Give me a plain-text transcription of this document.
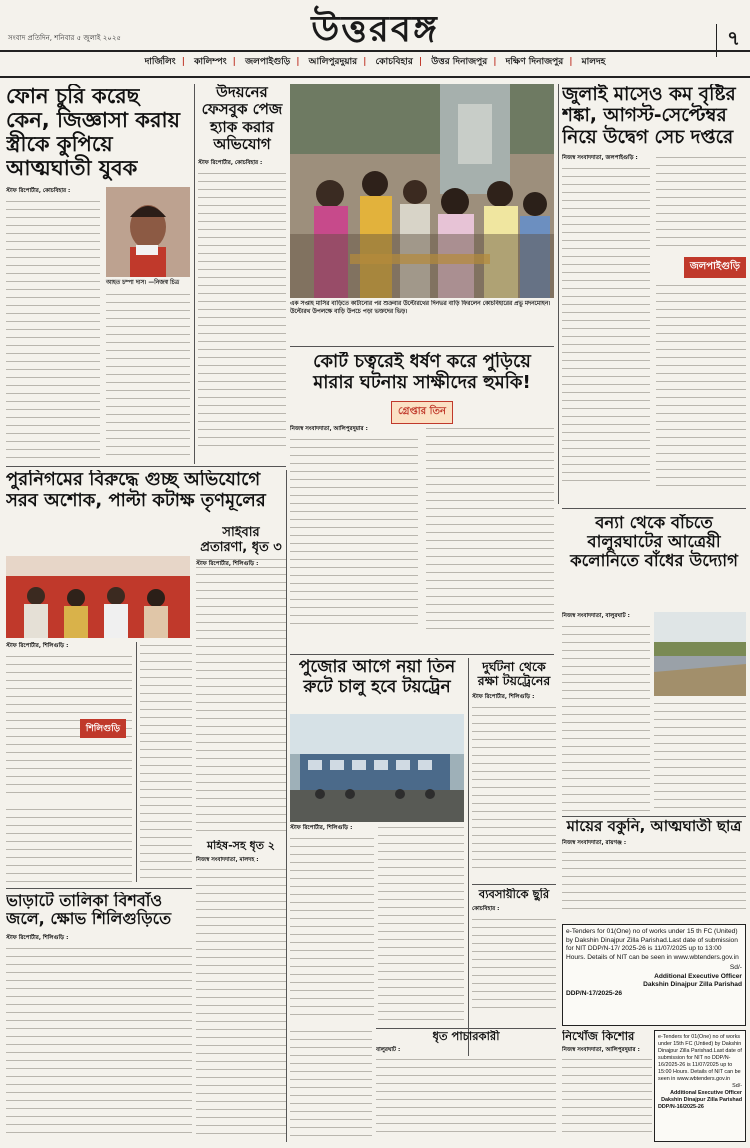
সংবাদ প্রতিদিন, শনিবার ৫ জুলাই ২০২৫	উত্তরবঙ্গ	৭
দার্জিলিং | কালিম্পং | জলপাইগুড়ি | আলিপুরদুয়ার | কোচবিহার | উত্তর দিনাজপুর | দক্ষিণ দিনাজপুর | মালদহ
ফোন চুরি করেছ কেন, জিজ্ঞাসা করায় স্ত্রীকে কুপিয়ে আত্মঘাতী যুবক
স্টাফ রিপোর্টার, কোচবিহার :
আহত চম্পা দাস। —নিজস্ব চিত্র
উদয়নের ফেসবুক পেজ হ্যাক করার অভিযোগ
স্টাফ রিপোর্টার, কোচবিহার :
এক সপ্তাহ মাসির বাড়িতে কাটানোর পর শুক্রবার উল্টোরথের দিনভর বাড়ি ফিরলেন কোচবিহারের প্রভু মদনমোহন। উল্টোরথ উপলক্ষে বাড়ি উপচে পড়া ভক্তদের ভিড়।
জুলাই মাসেও কম বৃষ্টির শঙ্কা, আগস্ট-সেপ্টেম্বর নিয়ে উদ্বেগ সেচ দপ্তরে
নিজস্ব সংবাদদাতা, জলপাইগুড়ি :
জলপাইগুড়ি
কোর্ট চত্বরেই ধর্ষণ করে পুড়িয়ে মারার ঘটনায় সাক্ষীদের হুমকি!
নিজস্ব সংবাদদাতা, আলিপুরদুয়ার :
গ্রেপ্তার তিন
পুরনিগমের বিরুদ্ধে গুচ্ছ অভিযোগে সরব অশোক, পাল্টা কটাক্ষ তৃণমূলের
স্টাফ রিপোর্টার, শিলিগুড়ি :
শিলিগুড়ি
সাইবার
প্রতারণা, ধৃত ৩
স্টাফ রিপোর্টার, শিলিগুড়ি :
বন্যা থেকে বাঁচতে বালুরঘাটের আত্রেয়ী কলোনিতে বাঁধের উদ্যোগ
নিজস্ব সংবাদদাতা, বালুরঘাট :
পুজোর আগে নয়া তিন রুটে চালু হবে টয়ট্রেন
স্টাফ রিপোর্টার, শিলিগুড়ি :
দুর্ঘটনা থেকে রক্ষা টয়ট্রেনের
স্টাফ রিপোর্টার, শিলিগুড়ি :
ব্যবসায়ীকে ছুরি
কোচবিহার :
ধৃত পাচারকারী
বালুরঘাট :
মহিষ-সহ ধৃত ২
নিজস্ব সংবাদদাতা, মালদহ :
ভাড়াটে তালিকা বিশবাঁও জলে, ক্ষোভ শিলিগুড়িতে
স্টাফ রিপোর্টার, শিলিগুড়ি :
মায়ের বকুনি, আত্মঘাতী ছাত্র
নিজস্ব সংবাদদাতা, রায়গঞ্জ :
e-Tenders for 01(One) no of works under 15 th FC (United) by Dakshin Dinajpur Zilla Parishad.Last date of submission for NIT DDP/N-17/ 2025-26 is 11/07/2025 up to 13:00 Hours. Details of NIT can be seen in www.wbtenders.gov.in
Sd/-
Additional Executive Officer
Dakshin Dinajpur Zilla Parishad
DDP/N-17/2025-26
নিখোঁজ কিশোর
নিজস্ব সংবাদদাতা, আলিপুরদুয়ার :
e-Tenders for 01(One) no of works under 15th FC (Untied) by Dakshin Dinajpur Zilla Parishad.Last date of submission for NIT no DDP/N-16/2025-26 is 11/07/2025 up to 15:00 Hours. Details of NIT can be seen in www.wbtenders.gov.in
Sd/-
Additional Executive Officer
Dakshin Dinajpur Zilla Parishad
DDP/N-16/2025-26
